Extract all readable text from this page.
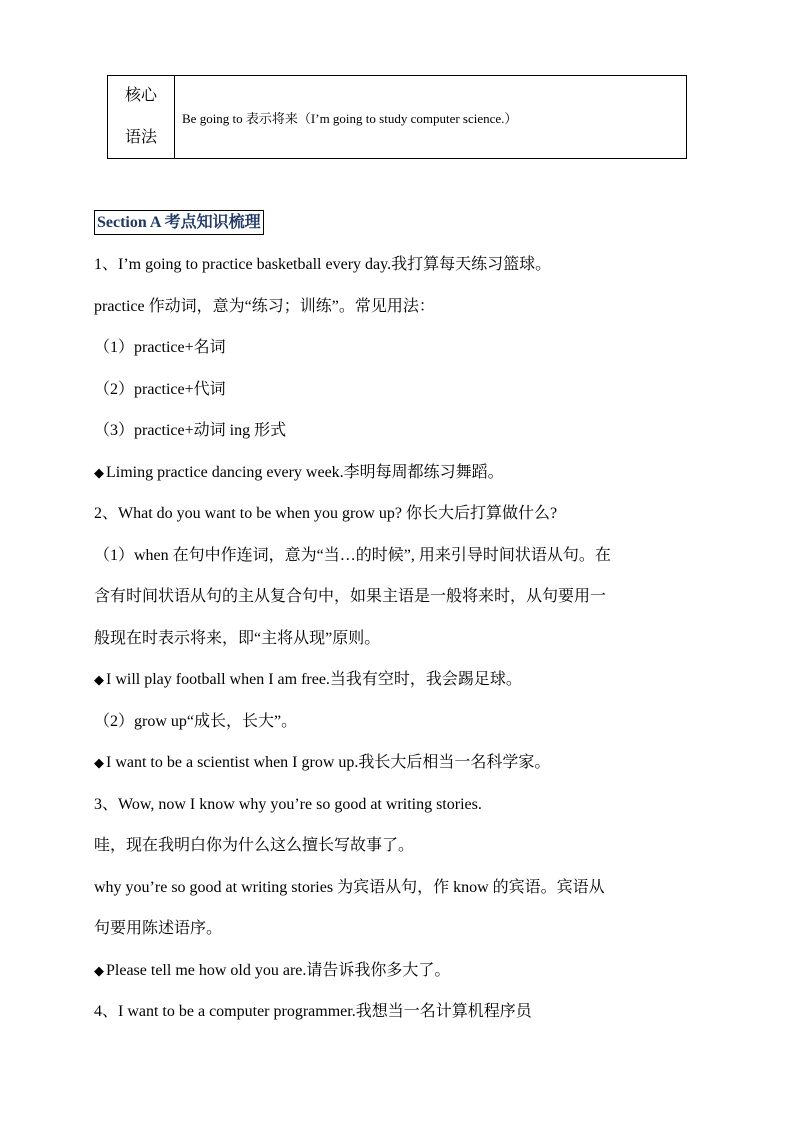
核心
语法
Be going to 表示将来（I’m going to study computer science.）
Section A 考点知识梳理
1、I’m going to practice basketball every day.我打算每天练习篮球。
practice 作动词，意为“练习；训练”。常见用法：
（1）practice+名词
（2）practice+代词
（3）practice+动词 ing 形式
◆ Liming practice dancing every week.李明每周都练习舞蹈。
2、What do you want to be when you grow up? 你长大后打算做什么?
（1）when 在句中作连词，意为“当…的时候”, 用来引导时间状语从句。在
含有时间状语从句的主从复合句中，如果主语是一般将来时，从句要用一
般现在时表示将来，即“主将从现”原则。
◆ I will play football when I am free.当我有空时，我会踢足球。
（2）grow up“成长，长大”。
◆ I want to be a scientist when I grow up.我长大后相当一名科学家。
3、Wow, now I know why you’re so good at writing stories.
哇，现在我明白你为什么这么擅长写故事了。
why you’re so good at writing stories 为宾语从句，作 know 的宾语。宾语从
句要用陈述语序。
◆ Please tell me how old you are.请告诉我你多大了。
4、I want to be a computer programmer.我想当一名计算机程序员
